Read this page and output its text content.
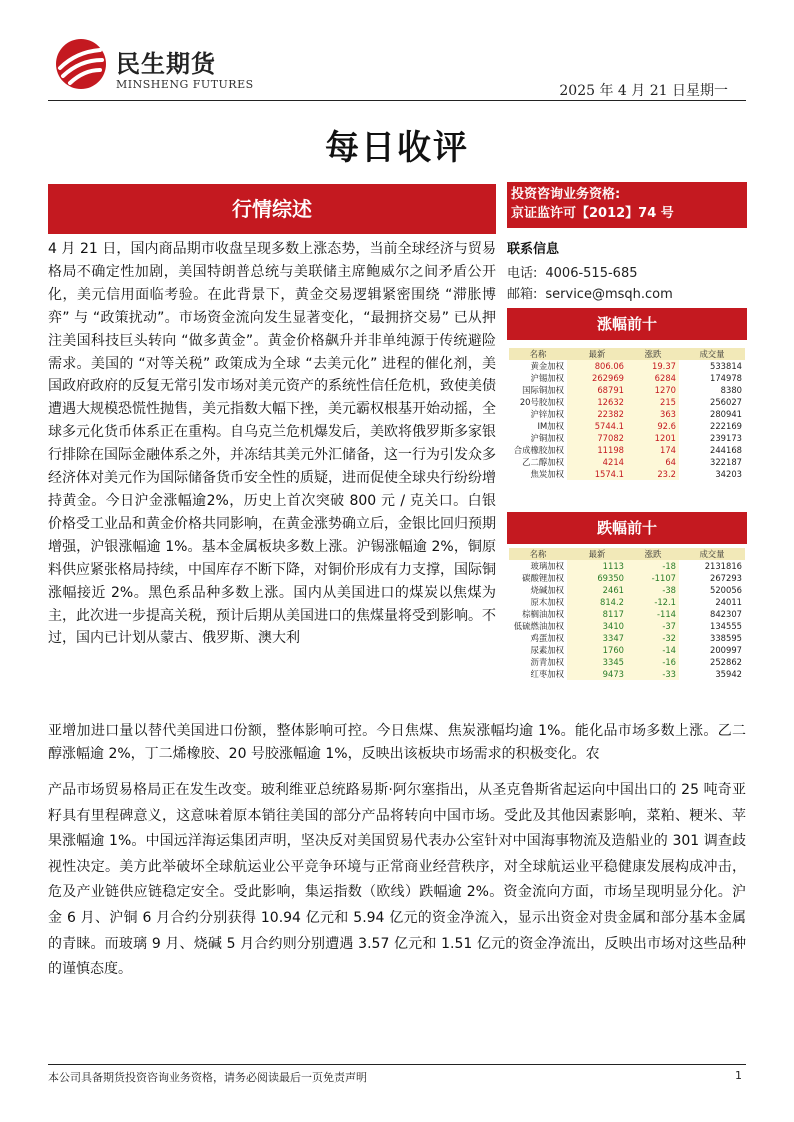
民生期货
MINSHENG FUTURES	2025 年 4 月 21 日星期一
每日收评
行情综述
4 月 21 日，国内商品期市收盘呈现多数上涨态势，当前全球经济与贸易格局不确定性加剧，美国特朗普总统与美联储主席鲍威尔之间矛盾公开化，美元信用面临考验。在此背景下，黄金交易逻辑紧密围绕 “滞胀博弈” 与 “政策扰动”。市场资金流向发生显著变化，“最拥挤交易” 已从押注美国科技巨头转向 “做多黄金”。黄金价格飙升并非单纯源于传统避险需求。美国的 “对等关税” 政策成为全球 “去美元化” 进程的催化剂，美国政府政府的反复无常引发市场对美元资产的系统性信任危机，致使美债遭遇大规模恐慌性抛售，美元指数大幅下挫，美元霸权根基开始动摇，全球多元化货币体系正在重构。自乌克兰危机爆发后，美欧将俄罗斯多家银行排除在国际金融体系之外，并冻结其美元外汇储备，这一行为引发众多经济体对美元作为国际储备货币安全性的质疑，进而促使全球央行纷纷增持黄金。今日沪金涨幅逾2%，历史上首次突破 800 元 / 克关口。白银价格受工业品和黄金价格共同影响，在黄金涨势确立后，金银比回归预期增强，沪银涨幅逾 1%。基本金属板块多数上涨。沪锡涨幅逾 2%，铜原料供应紧张格局持续，中国库存不断下降，对铜价形成有力支撑，国际铜涨幅接近 2%。黑色系品种多数上涨。国内从美国进口的煤炭以焦煤为主，此次进一步提高关税，预计后期从美国进口的焦煤量将受到影响。不过，国内已计划从蒙古、俄罗斯、澳大利
亚增加进口量以替代美国进口份额，整体影响可控。今日焦煤、焦炭涨幅均逾 1%。能化品市场多数上涨。乙二醇涨幅逾 2%，丁二烯橡胶、20 号胶涨幅逾 1%，反映出该板块市场需求的积极变化。农
产品市场贸易格局正在发生改变。玻利维亚总统路易斯·阿尔塞指出，从圣克鲁斯省起运向中国出口的 25 吨奇亚籽具有里程碑意义，这意味着原本销往美国的部分产品将转向中国市场。受此及其他因素影响，菜粕、粳米、苹果涨幅逾 1%。中国远洋海运集团声明，坚决反对美国贸易代表办公室针对中国海事物流及造船业的 301 调查歧视性决定。美方此举破坏全球航运业公平竞争环境与正常商业经营秩序，对全球航运业平稳健康发展构成冲击，危及产业链供应链稳定安全。受此影响，集运指数（欧线）跌幅逾 2%。资金流向方面，市场呈现明显分化。沪金 6 月、沪铜 6 月合约分别获得 10.94 亿元和 5.94 亿元的资金净流入，显示出资金对贵金属和部分基本金属的青睐。而玻璃 9 月、烧碱 5 月合约则分别遭遇 3.57 亿元和 1.51 亿元的资金净流出，反映出市场对这些品种的谨慎态度。
投资咨询业务资格:
京证监许可【2012】74 号
联系信息
电话: 4006-515-685
邮箱: service@msqh.com
涨幅前十
名称	最新	涨跌	成交量
黄金加权	806.06	19.37	533814
沪锡加权	262969	6284	174978
国际铜加权	68791	1270	8380
20号胶加权	12632	215	256027
沪锌加权	22382	363	280941
IM加权	5744.1	92.6	222169
沪铜加权	77082	1201	239173
合成橡胶加权	11198	174	244168
乙二醇加权	4214	64	322187
焦炭加权	1574.1	23.2	34203
跌幅前十
名称	最新	涨跌	成交量
玻璃加权	1113	-18	2131816
碳酸锂加权	69350	-1107	267293
烧碱加权	2461	-38	520056
原木加权	814.2	-12.1	24011
棕榈油加权	8117	-114	842307
低硫燃油加权	3410	-37	134555
鸡蛋加权	3347	-32	338595
尿素加权	1760	-14	200997
沥青加权	3345	-16	252862
红枣加权	9473	-33	35942
本公司具备期货投资咨询业务资格，请务必阅读最后一页免责声明	1
